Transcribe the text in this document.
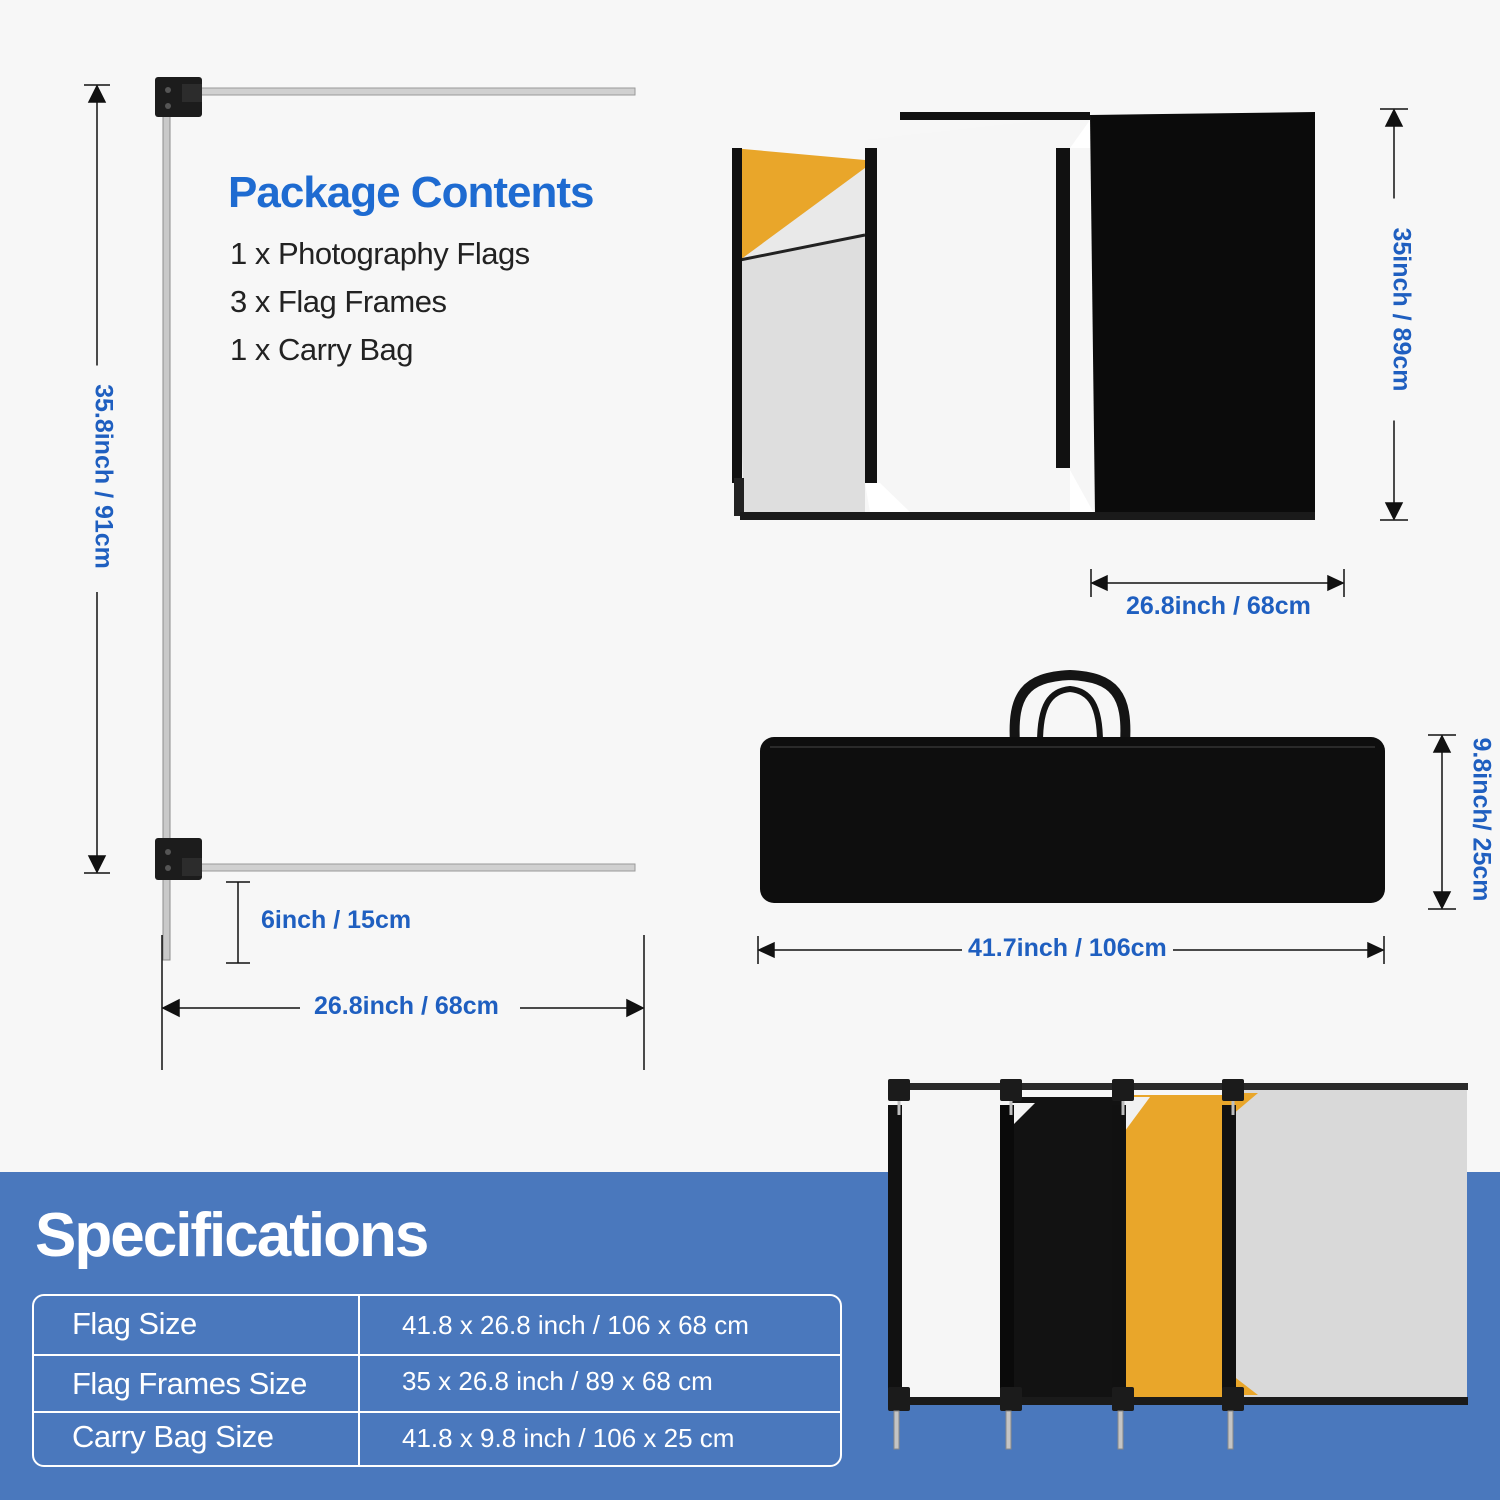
35.8inch / 91cm
6inch / 15cm
26.8inch / 68cm
Package Contents
1 x Photography Flags
3 x Flag Frames
1 x Carry Bag	35inch / 89cm
26.8inch / 68cm
9.8inch/ 25cm
41.7inch / 106cm
Specifications
Flag Size	41.8 x 26.8 inch / 106 x 68 cm
Flag Frames Size	35 x 26.8 inch / 89 x 68 cm
Carry Bag Size	41.8 x 9.8 inch / 106 x 25 cm
